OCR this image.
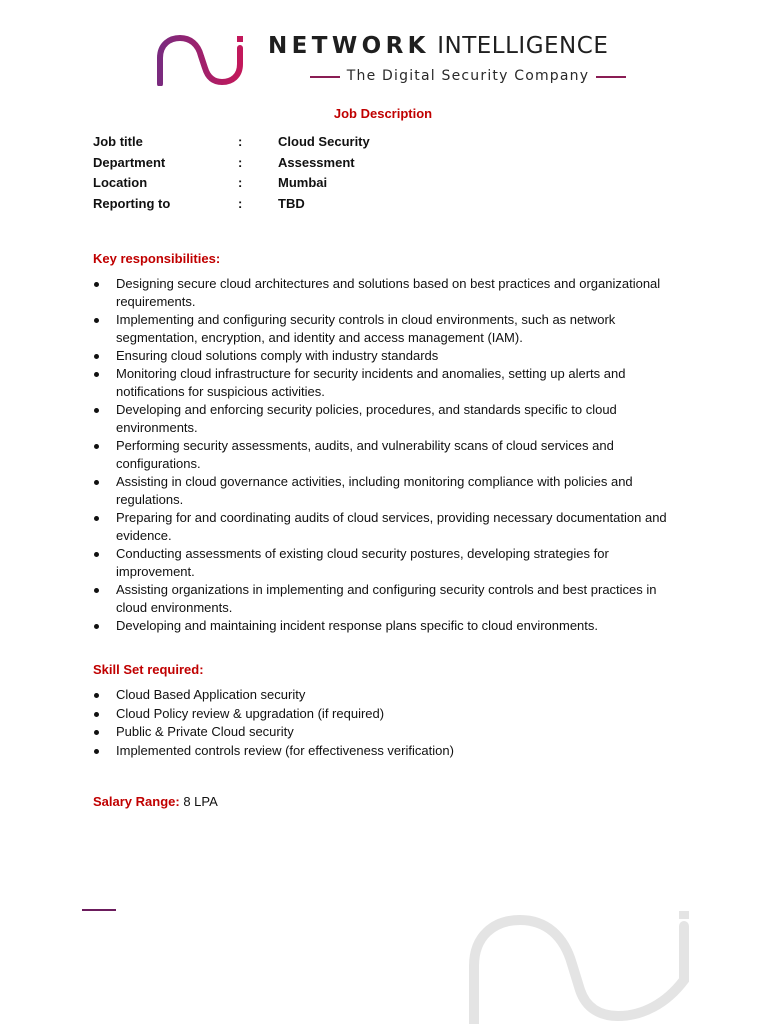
NETWORK INTELLIGENCE
The Digital Security Company
Job Description
Job title	:	Cloud Security
Department	:	Assessment
Location	:	Mumbai
Reporting to	:	TBD
Key responsibilities:
Designing secure cloud architectures and solutions based on best practices and organizational requirements.
Implementing and configuring security controls in cloud environments, such as network segmentation, encryption, and identity and access management (IAM).
Ensuring cloud solutions comply with industry standards
Monitoring cloud infrastructure for security incidents and anomalies, setting up alerts and notifications for suspicious activities.
Developing and enforcing security policies, procedures, and standards specific to cloud environments.
Performing security assessments, audits, and vulnerability scans of cloud services and configurations.
Assisting in cloud governance activities, including monitoring compliance with policies and regulations.
Preparing for and coordinating audits of cloud services, providing necessary documentation and evidence.
Conducting assessments of existing cloud security postures, developing strategies for improvement.
Assisting organizations in implementing and configuring security controls and best practices in cloud environments.
Developing and maintaining incident response plans specific to cloud environments.
Skill Set required:
Cloud Based Application security
Cloud Policy review & upgradation (if required)
Public & Private Cloud security
Implemented controls review (for effectiveness verification)
Salary Range: 8 LPA
